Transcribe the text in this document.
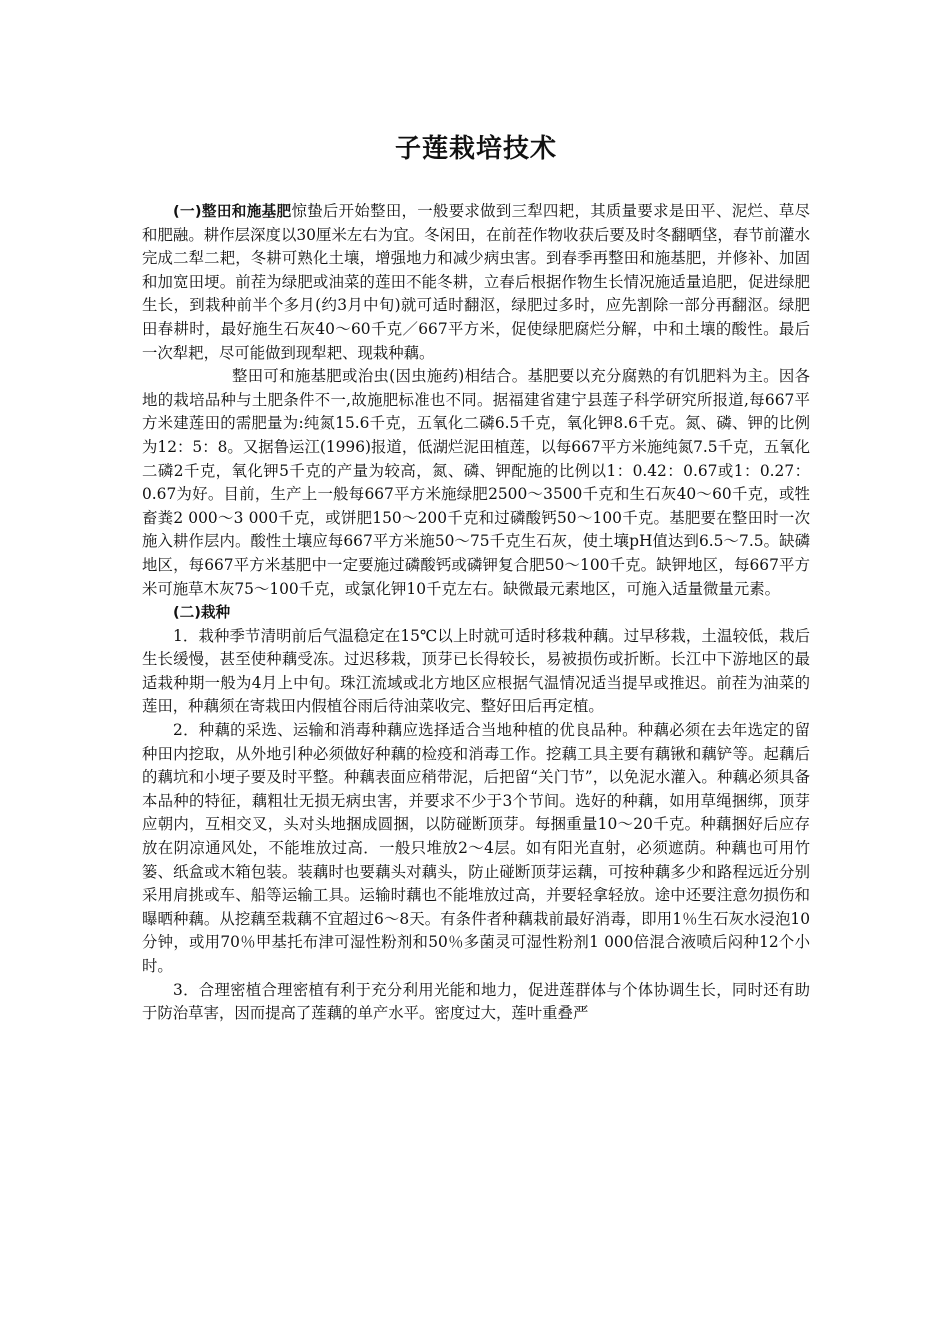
子莲栽培技术

(一)整田和施基肥惊蛰后开始整田，一般要求做到三犁四耙，其质量要求是田平、泥烂、草尽和肥融。耕作层深度以30厘米左右为宜。冬闲田，在前茬作物收获后要及时冬翻晒垡，春节前灌水完成二犁二耙，冬耕可熟化土壤，增强地力和减少病虫害。到春季再整田和施基肥，并修补、加固和加宽田埂。前茬为绿肥或油菜的莲田不能冬耕，立春后根据作物生长情况施适量追肥，促进绿肥生长，到栽种前半个多月(约3月中旬)就可适时翻沤，绿肥过多时，应先割除一部分再翻沤。绿肥田春耕时，最好施生石灰40～60千克／667平方米，促使绿肥腐烂分解，中和土壤的酸性。最后一次犁耙，尽可能做到现犁耙、现栽种藕。

整田可和施基肥或治虫(因虫施药)相结合。基肥要以充分腐熟的有饥肥料为主。因各地的栽培品种与土肥条件不一,故施肥标准也不同。据福建省建宁县莲子科学研究所报道,每667平方米建莲田的需肥量为:纯氮15.6千克，五氧化二磷6.5千克，氧化钾8.6千克。氮、磷、钾的比例为12：5：8。又据鲁运江(1996)报道，低湖烂泥田植莲，以每667平方米施纯氮7.5千克，五氧化二磷2千克，氧化钾5千克的产量为较高，氮、磷、钾配施的比例以1：0.42：0.67或1：0.27：0.67为好。目前，生产上一般每667平方米施绿肥2500～3500千克和生石灰40～60千克，或牲畜粪2 000～3 000千克，或饼肥150～200千克和过磷酸钙50～100千克。基肥要在整田时一次施入耕作层内。酸性土壤应每667平方米施50～75千克生石灰，使土壤pH值达到6.5～7.5。缺磷地区，每667平方米基肥中一定要施过磷酸钙或磷钾复合肥50～100千克。缺钾地区，每667平方米可施草木灰75～100千克，或氯化钾10千克左右。缺微最元素地区，可施入适量微量元素。

(二)栽种

1．栽种季节清明前后气温稳定在15℃以上时就可适时移栽种藕。过早移栽，土温较低，栽后生长缓慢，甚至使种藕受冻。过迟移栽，顶芽已长得较长，易被损伤或折断。长江中下游地区的最适栽种期一般为4月上中旬。珠江流域或北方地区应根据气温情况适当提早或推迟。前茬为油菜的莲田，种藕须在寄栽田内假植谷雨后待油菜收完、整好田后再定植。

2．种藕的采选、运输和消毒种藕应选择适合当地种植的优良品种。种藕必须在去年选定的留种田内挖取，从外地引种必须做好种藕的检疫和消毒工作。挖藕工具主要有藕锹和藕铲等。起藕后的藕坑和小埂子要及时平整。种藕表面应稍带泥，后把留“关门节”，以免泥水灌入。种藕必须具备本品种的特征，藕粗壮无损无病虫害，并要求不少于3个节间。选好的种藕，如用草绳捆绑，顶芽应朝内，互相交叉，头对头地捆成圆捆，以防碰断顶芽。每捆重量10～20千克。种藕捆好后应存放在阴凉通风处，不能堆放过高．一般只堆放2～4层。如有阳光直射，必须遮荫。种藕也可用竹篓、纸盒或木箱包装。装藕时也要藕头对藕头，防止碰断顶芽运藕，可按种藕多少和路程远近分别采用肩挑或车、船等运输工具。运输时藕也不能堆放过高，并要轻拿轻放。途中还要注意勿损伤和曝晒种藕。从挖藕至栽藕不宜超过6～8天。有条件者种藕栽前最好消毒，即用1％生石灰水浸泡10分钟，或用70％甲基托布津可湿性粉剂和50％多菌灵可湿性粉剂1 000倍混合液喷后闷种12个小时。

3．合理密植合理密植有利于充分利用光能和地力，促进莲群体与个体协调生长，同时还有助于防治草害，因而提高了莲藕的单产水平。密度过大，莲叶重叠严
